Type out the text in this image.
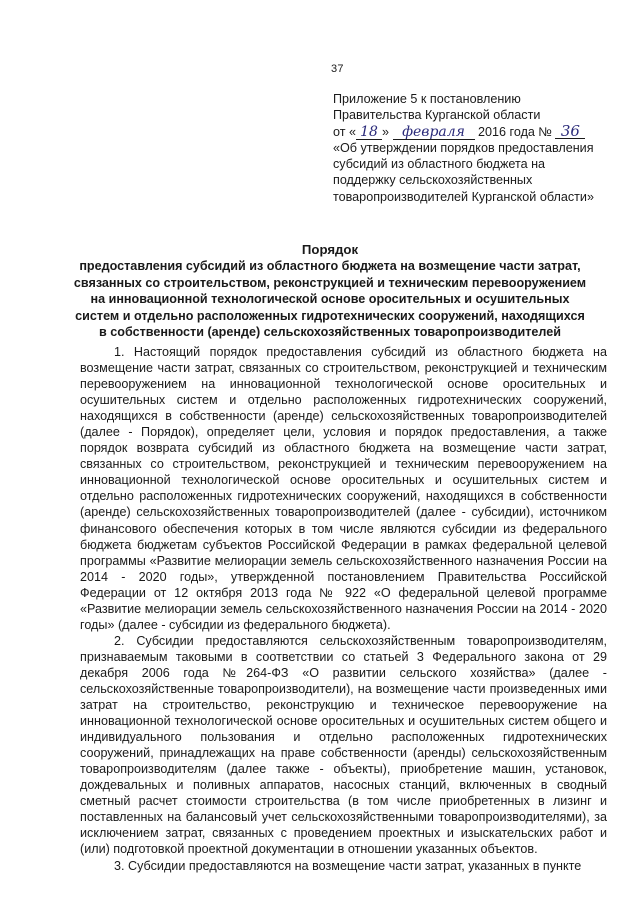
37
Приложение 5 к постановлению
Правительства Курганской области
от « 18 » февраля 2016 года № 36
«Об утверждении порядков предоставления
субсидий из областного бюджета на
поддержку сельскохозяйственных
товаропроизводителей Курганской области»
Порядок
предоставления субсидий из областного бюджета на возмещение части затрат,
связанных со строительством, реконструкцией и техническим перевооружением
на инновационной технологической основе оросительных и осушительных
систем и отдельно расположенных гидротехнических сооружений, находящихся
в собственности (аренде) сельскохозяйственных товаропроизводителей

1. Настоящий порядок предоставления субсидий из областного бюджета на возмещение части затрат, связанных со строительством, реконструкцией и техническим перевооружением на инновационной технологической основе оросительных и осушительных систем и отдельно расположенных гидротехнических сооружений, находящихся в собственности (аренде) сельскохозяйственных товаропроизводителей (далее - Порядок), определяет цели, условия и порядок предоставления, а также порядок возврата субсидий из областного бюджета на возмещение части затрат, связанных со строительством, реконструкцией и техническим перевооружением на инновационной технологической основе оросительных и осушительных систем и отдельно расположенных гидротехнических сооружений, находящихся в собственности (аренде) сельскохозяйственных товаропроизводителей (далее - субсидии), источником финансового обеспечения которых в том числе являются субсидии из федерального бюджета бюджетам субъектов Российской Федерации в рамках федеральной целевой программы «Развитие мелиорации земель сельскохозяйственного назначения России на 2014 - 2020 годы», утвержденной постановлением Правительства Российской Федерации от 12 октября 2013 года № 922 «О федеральной целевой программе «Развитие мелиорации земель сельскохозяйственного назначения России на 2014 - 2020 годы» (далее - субсидии из федерального бюджета).

2. Субсидии предоставляются сельскохозяйственным товаропроизводителям, признаваемым таковыми в соответствии со статьей 3 Федерального закона от 29 декабря 2006 года №264-ФЗ «О развитии сельского хозяйства» (далее - сельскохозяйственные товаропроизводители), на возмещение части произведенных ими затрат на строительство, реконструкцию и техническое перевооружение на инновационной технологической основе оросительных и осушительных систем общего и индивидуального пользования и отдельно расположенных гидротехнических сооружений, принадлежащих на праве собственности (аренды) сельскохозяйственным товаропроизводителям (далее также - объекты), приобретение машин, установок, дождевальных и поливных аппаратов, насосных станций, включенных в сводный сметный расчет стоимости строительства (в том числе приобретенных в лизинг и поставленных на балансовый учет сельскохозяйственными товаропроизводителями), за исключением затрат, связанных с проведением проектных и изыскательских работ и (или) подготовкой проектной документации в отношении указанных объектов.

3. Субсидии предоставляются на возмещение части затрат, указанных в пункте
